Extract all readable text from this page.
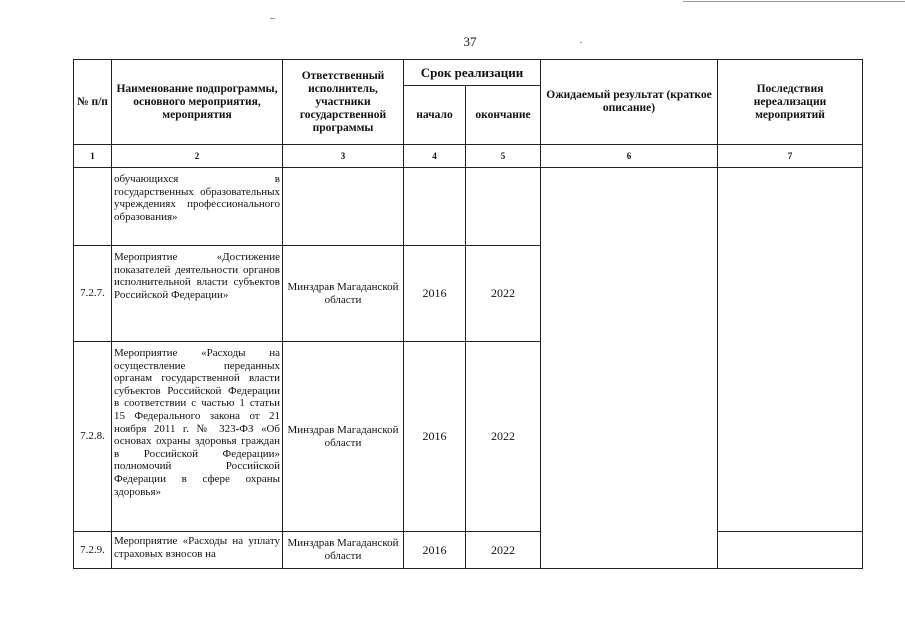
37
№ п/п	Наименование подпрограммы, основного мероприятия, мероприятия	Ответственный исполнитель, участники государственной программы	Срок реализации		Ожидаемый результат (краткое описание)	Последствия нереализации мероприятий
			начало	окончание		
1	2	3	4	5	6	7

	обучающихся в
государственных образовательных учреждениях профессионального образования»					

7.2.7.	Мероприятие «Достижение показателей деятельности органов исполнительной власти субъектов Российской Федерации»	Минздрав Магаданской области	2016	2022		
7.2.8.	Мероприятие «Расходы на осуществление переданных органам государственной власти субъектов Российской Федерации в соответствии с частью 1 статьи 15 Федерального закона от 21 ноября 2011 г. № 323-ФЗ «Об основах охраны здоровья граждан в Российской Федерации» полномочий Российской Федерации в сфере охраны здоровья»	Минздрав Магаданской области	2016	2022		
7.2.9.	Мероприятие «Расходы на уплату страховых взносов на	Минздрав Магаданской области	2016	2022		
